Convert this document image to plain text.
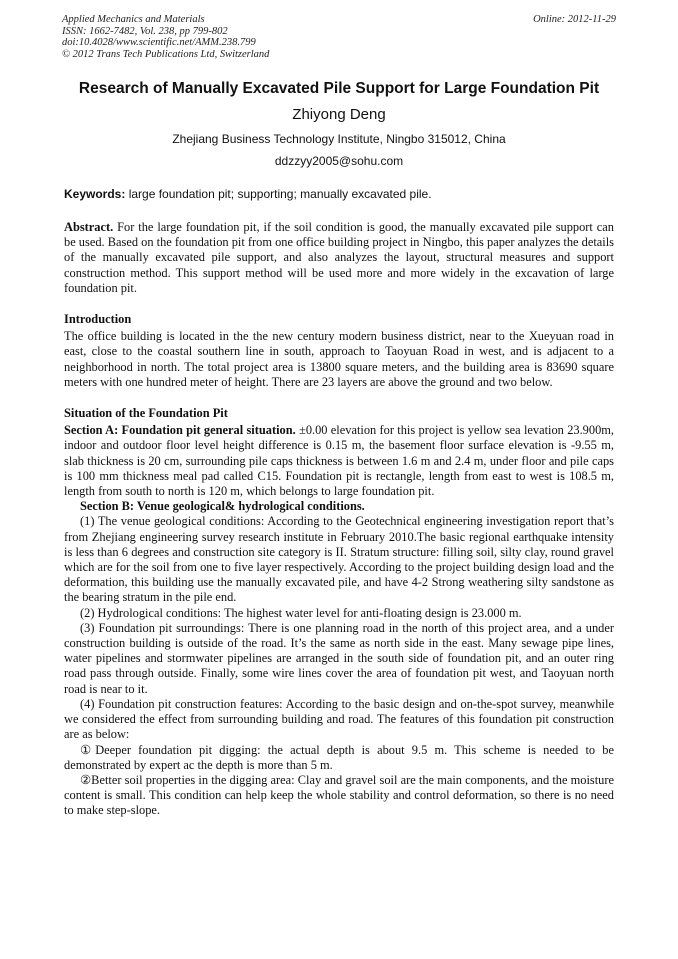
Applied Mechanics and Materials
ISSN: 1662-7482, Vol. 238, pp 799-802
doi:10.4028/www.scientific.net/AMM.238.799
© 2012 Trans Tech Publications Ltd, Switzerland
Online: 2012-11-29
Research of Manually Excavated Pile Support for Large Foundation Pit
Zhiyong Deng
Zhejiang Business Technology Institute, Ningbo 315012, China
ddzzyy2005@sohu.com
Keywords: large foundation pit; supporting; manually excavated pile.

Abstract. For the large foundation pit, if the soil condition is good, the manually excavated pile support can be used. Based on the foundation pit from one office building project in Ningbo, this paper analyzes the details of the manually excavated pile support, and also analyzes the layout, structural measures and support construction method. This support method will be used more and more widely in the excavation of large foundation pit.

Introduction

The office building is located in the the new century modern business district, near to the Xueyuan road in east, close to the coastal southern line in south, approach to Taoyuan Road in west, and is adjacent to a neighborhood in north. The total project area is 13800 square meters, and the building area is 83690 square meters with one hundred meter of height. There are 23 layers are above the ground and two below.

Situation of the Foundation Pit

Section A: Foundation pit general situation. ±0.00 elevation for this project is yellow sea levation 23.900m, indoor and outdoor floor level height difference is 0.15 m, the basement floor surface elevation is -9.55 m, slab thickness is 20 cm, surrounding pile caps thickness is between 1.6 m and 2.4 m, under floor and pile caps is 100 mm thickness meal pad called C15. Foundation pit is rectangle, length from east to west is 108.5 m, length from south to north is 120 m, which belongs to large foundation pit.

Section B: Venue geological& hydrological conditions.

(1) The venue geological conditions: According to the Geotechnical engineering investigation report that’s from Zhejiang engineering survey research institute in February 2010.The basic regional earthquake intensity is less than 6 degrees and construction site category is II. Stratum structure: filling soil, silty clay, round gravel which are for the soil from one to five layer respectively. According to the project building design load and the deformation, this building use the manually excavated pile, and have 4-2 Strong weathering silty sandstone as the bearing stratum in the pile end.

(2) Hydrological conditions: The highest water level for anti-floating design is 23.000 m.

(3) Foundation pit surroundings: There is one planning road in the north of this project area, and a under construction building is outside of the road. It’s the same as north side in the east. Many sewage pipe lines, water pipelines and stormwater pipelines are arranged in the south side of foundation pit, and an outer ring road pass through outside. Finally, some wire lines cover the area of foundation pit west, and Taoyuan north road is near to it.

(4) Foundation pit construction features: According to the basic design and on-the-spot survey, meanwhile we considered the effect from surrounding building and road. The features of this foundation pit construction are as below:

①Deeper foundation pit digging: the actual depth is about 9.5 m. This scheme is needed to be demonstrated by expert ac the depth is more than 5 m.

②Better soil properties in the digging area: Clay and gravel soil are the main components, and the moisture content is small. This condition can help keep the whole stability and control deformation, so there is no need to make step-slope.
